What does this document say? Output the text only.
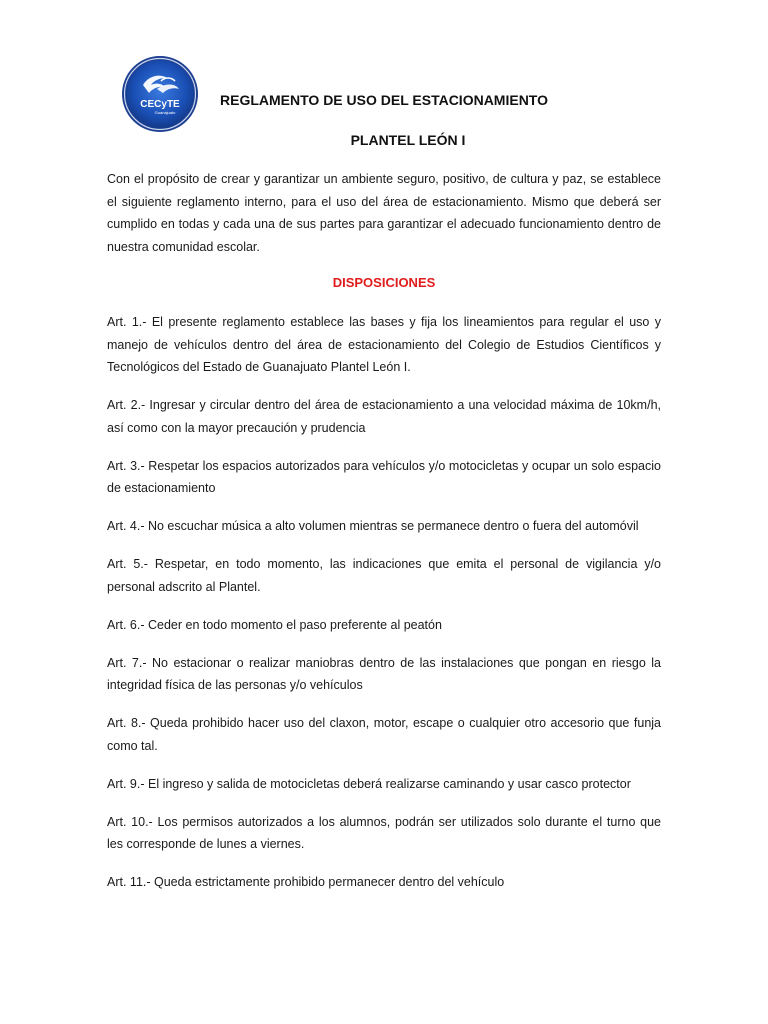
CECyTE
Guanajuato
REGLAMENTO DE USO DEL ESTACIONAMIENTO
PLANTEL LEÓN I

Con el propósito de crear y garantizar un ambiente seguro, positivo, de cultura y paz, se establece el siguiente reglamento interno, para el uso del área de estacionamiento. Mismo que deberá ser cumplido en todas y cada una de sus partes para garantizar el adecuado funcionamiento dentro de nuestra comunidad escolar.

DISPOSICIONES

Art. 1.- El presente reglamento establece las bases y fija los lineamientos para regular el uso y manejo de vehículos dentro del área de estacionamiento del Colegio de Estudios Científicos y Tecnológicos del Estado de Guanajuato Plantel León I.

Art. 2.- Ingresar y circular dentro del área de estacionamiento a una velocidad máxima de 10km/h, así como con la mayor precaución y prudencia

Art. 3.- Respetar los espacios autorizados para vehículos y/o motocicletas y ocupar un solo espacio de estacionamiento

Art. 4.- No escuchar música a alto volumen mientras se permanece dentro o fuera del automóvil

Art. 5.- Respetar, en todo momento, las indicaciones que emita el personal de vigilancia y/o personal adscrito al Plantel.

Art. 6.- Ceder en todo momento el paso preferente al peatón

Art. 7.- No estacionar o realizar maniobras dentro de las instalaciones que pongan en riesgo la integridad física de las personas y/o vehículos

Art. 8.- Queda prohibido hacer uso del claxon, motor, escape o cualquier otro accesorio que funja como tal.

Art. 9.- El ingreso y salida de motocicletas deberá realizarse caminando y usar casco protector

Art. 10.- Los permisos autorizados a los alumnos, podrán ser utilizados solo durante el turno que les corresponde de lunes a viernes.

Art. 11.- Queda estrictamente prohibido permanecer dentro del vehículo
